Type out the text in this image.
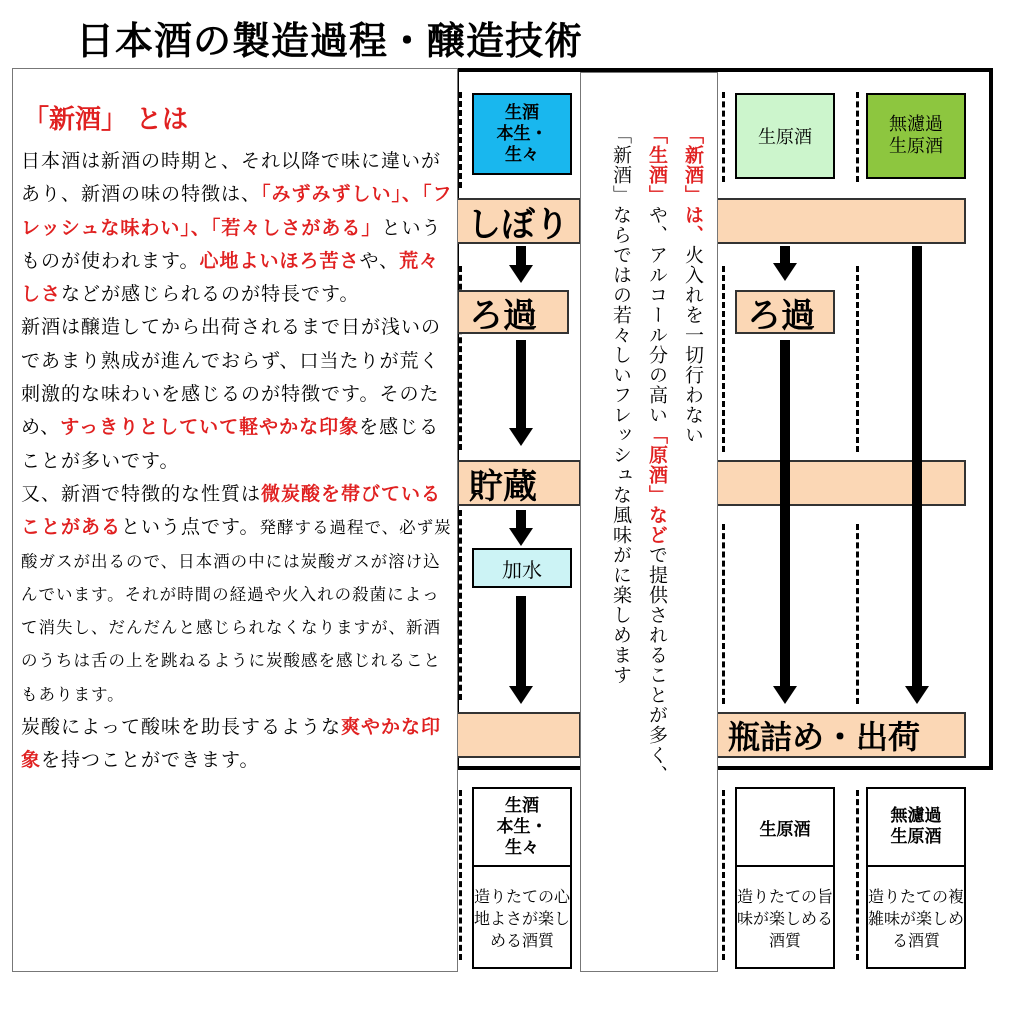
日本酒の製造過程・醸造技術
生酒
本生・
生々
生原酒
無濾過
生原酒
しぼり
ろ過	ろ過
貯蔵
加水
瓶詰め・出荷
生酒
本生・
生々
造りたての心地よさが楽しめる酒質
生原酒
造りたての旨味が楽しめる酒質
無濾過
生原酒
造りたての複雑味が楽しめる酒質
「新酒」 とは
日本酒は新酒の時期と、それ以降で味に違いがあり、新酒の味の特徴は、「みずみずしい」、「フレッシュな味わい」、「若々しさがある」というものが使われます。心地よいほろ苦さや、荒々しさなどが感じられるのが特長です。
新酒は醸造してから出荷されるまで日が浅いのであまり熟成が進んでおらず、口当たりが荒く刺激的な味わいを感じるのが特徴です。そのため、すっきりとしていて軽やかな印象を感じることが多いです。
又、新酒で特徴的な性質は微炭酸を帯びていることがあるという点です。発酵する過程で、必ず炭酸ガスが出るので、日本酒の中には炭酸ガスが溶け込んでいます。それが時間の経過や火入れの殺菌によって消失し、だんだんと感じられなくなりますが、新酒のうちは舌の上を跳ねるように炭酸感を感じれることもあります。
炭酸によって酸味を助長するような爽やかな印象を持つことができます。
「新酒」は、火入れを一切行わない
「生酒」や、アルコール分の高い「原酒」などで提供されることが多く、
「新酒」ならではの若々しいフレッシュな風味がに楽しめます
